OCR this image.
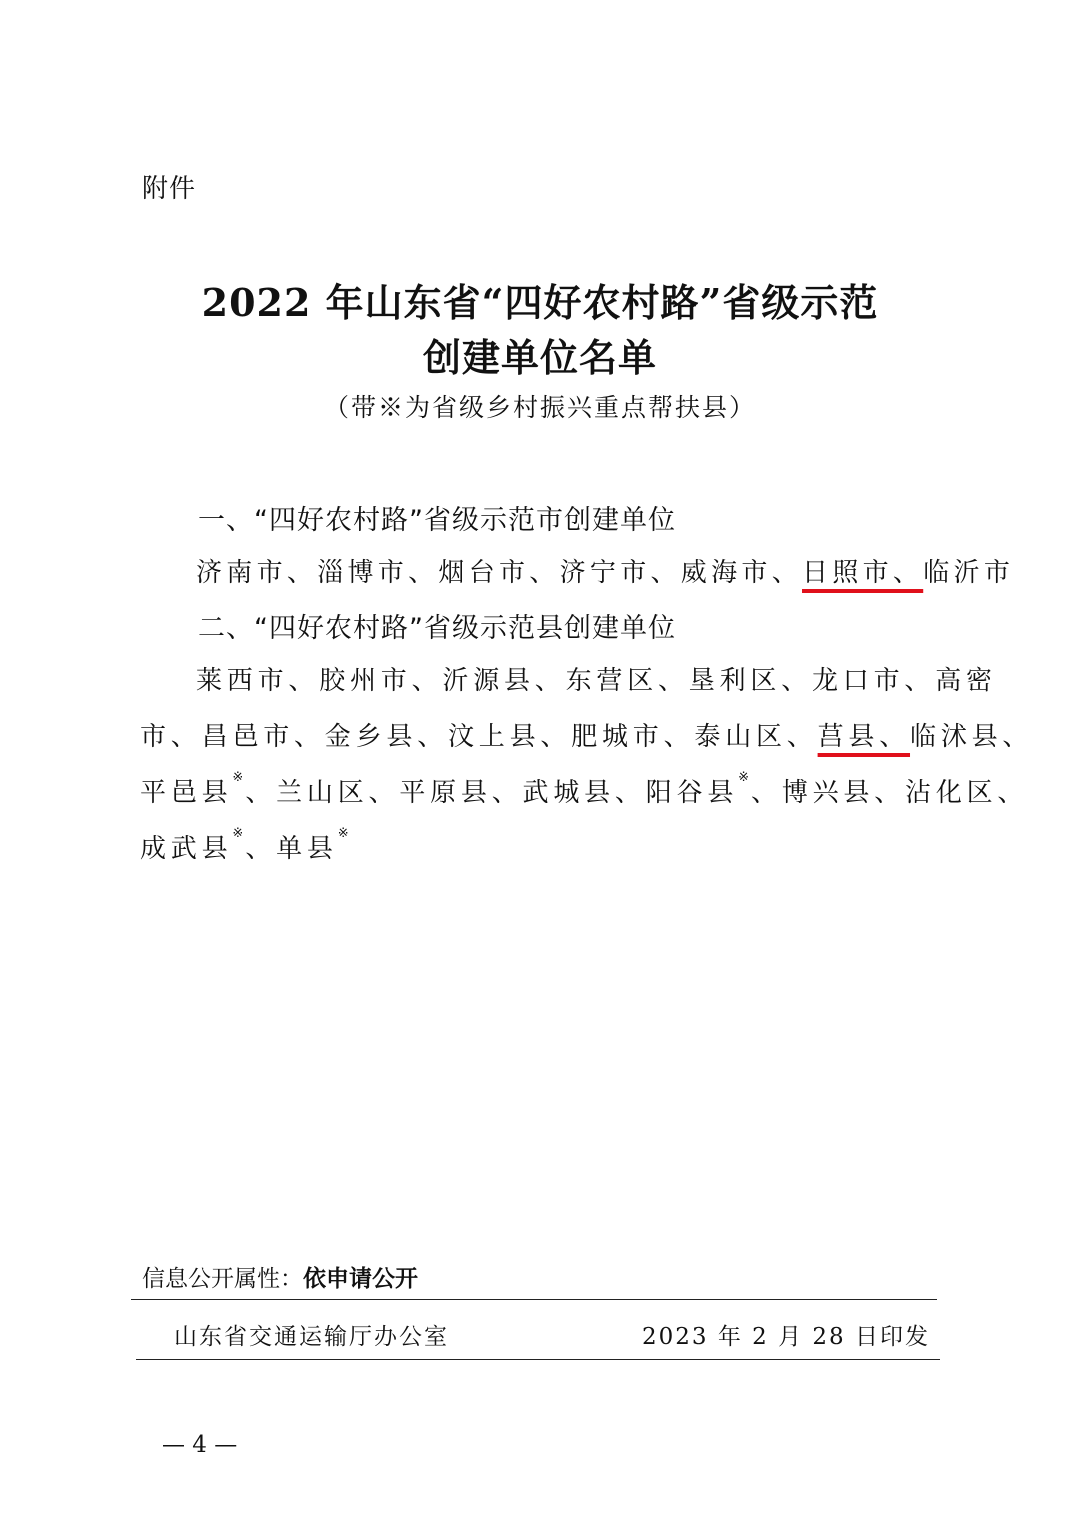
附件
2022 年山东省“四好农村路”省级示范
创建单位名单
（带※为省级乡村振兴重点帮扶县）
一、“四好农村路”省级示范市创建单位
济南市、淄博市、烟台市、济宁市、威海市、日照市、临沂市
二、“四好农村路”省级示范县创建单位
莱西市、胶州市、沂源县、东营区、垦利区、龙口市、高密
市、昌邑市、金乡县、汶上县、肥城市、泰山区、莒县、临沭县、
平邑县※、兰山区、平原县、武城县、阳谷县※、博兴县、沾化区、
成武县※、单县※
信息公开属性：依申请公开
山东省交通运输厅办公室	2023 年 2 月 28 日印发
— 4 —
